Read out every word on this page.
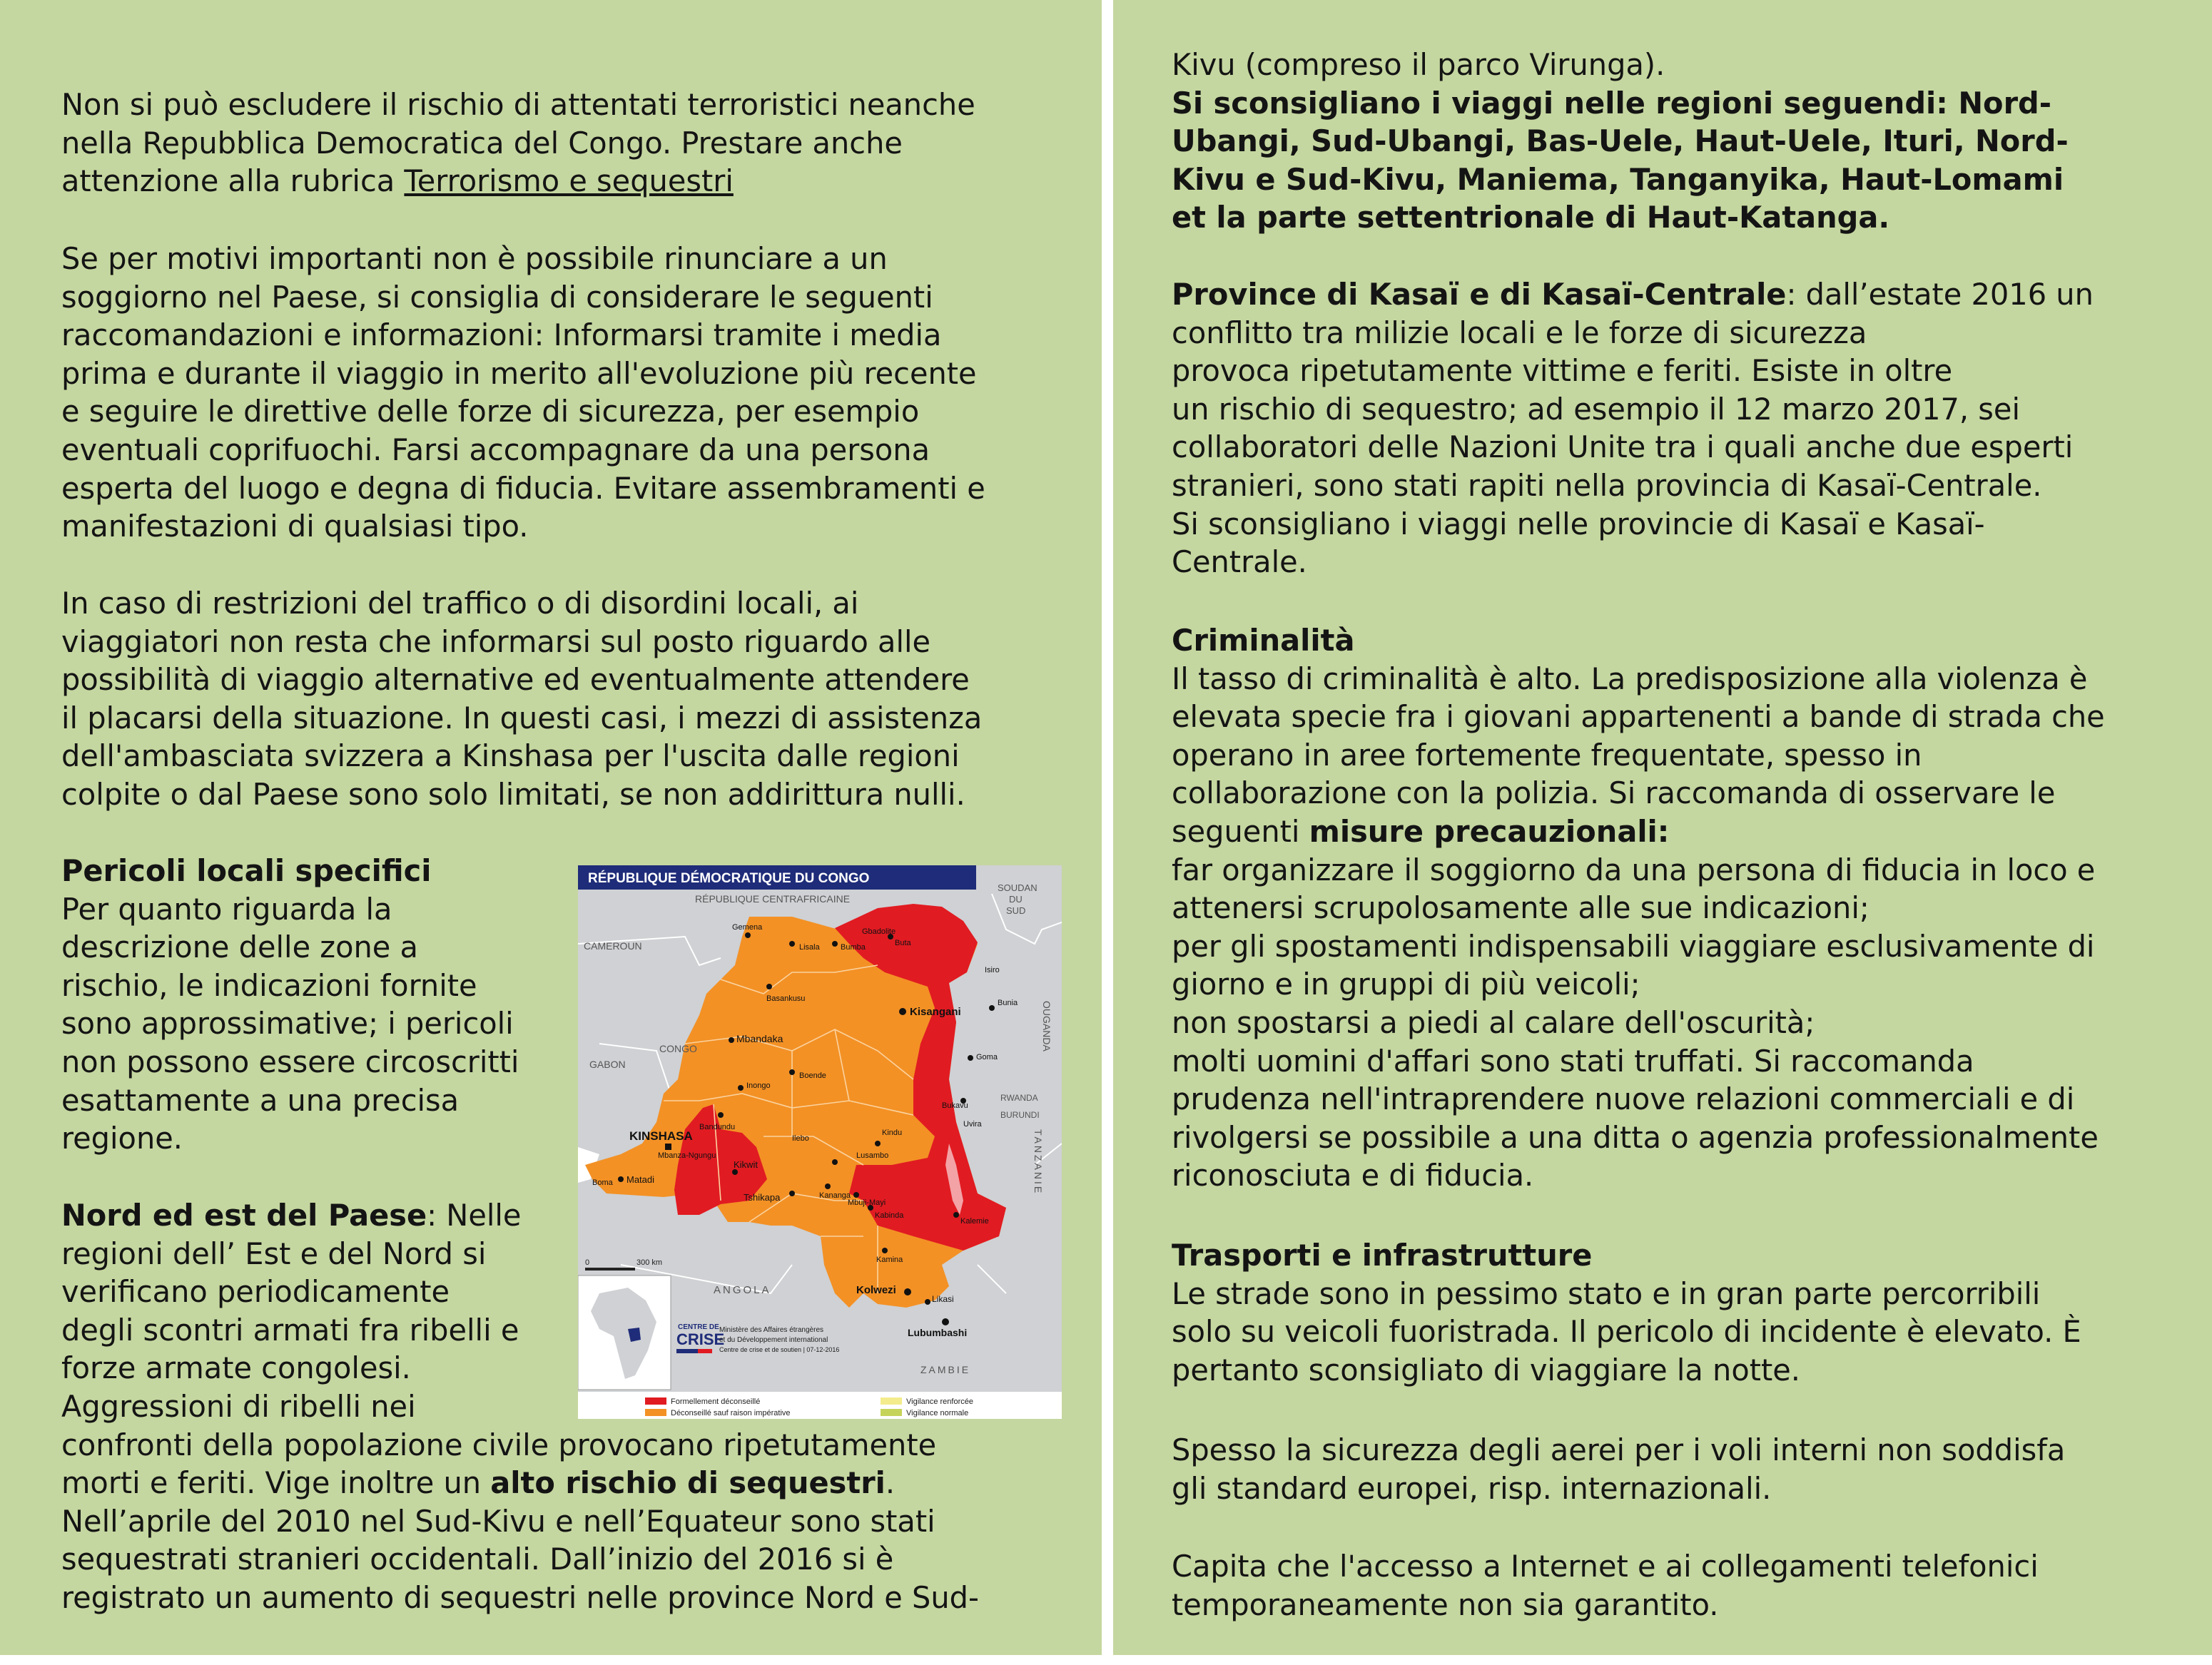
Non si può escludere il rischio di attentati terroristici neanche
nella Repubblica Democratica del Congo. Prestare anche
attenzione alla rubrica Terrorismo e sequestri
Se per motivi importanti non è possibile rinunciare a un
soggiorno nel Paese, si consiglia di considerare le seguenti
raccomandazioni e informazioni: Informarsi tramite i media
prima e durante il viaggio in merito all'evoluzione più recente
e seguire le direttive delle forze di sicurezza, per esempio
eventuali coprifuochi. Farsi accompagnare da una persona
esperta del luogo e degna di fiducia. Evitare assembramenti e
manifestazioni di qualsiasi tipo.
In caso di restrizioni del traffico o di disordini locali, ai
viaggiatori non resta che informarsi sul posto riguardo alle
possibilità di viaggio alternative ed eventualmente attendere
il placarsi della situazione. In questi casi, i mezzi di assistenza
dell'ambasciata svizzera a Kinshasa per l'uscita dalle regioni
colpite o dal Paese sono solo limitati, se non addirittura nulli.
Pericoli locali specifici
Per quanto riguarda la
descrizione delle zone a
rischio, le indicazioni fornite
sono approssimative; i pericoli
non possono essere circoscritti
esattamente a una precisa
regione.
Nord ed est del Paese: Nelle
regioni dell’ Est e del Nord si
verificano periodicamente
degli scontri armati fra ribelli e
forze armate congolesi.
Aggressioni di ribelli nei
confronti della popolazione civile provocano ripetutamente
morti e feriti. Vige inoltre un alto rischio di sequestri.
Nell’aprile del 2010 nel Sud-Kivu e nell’Equateur sono stati
sequestrati stranieri occidentali. Dall’inizio del 2016 si è
registrato un aumento di sequestri nelle province Nord e Sud-
RÉPUBLIQUE DÉMOCRATIQUE DU CONGO
RÉPUBLIQUE CENTRAFRICAINE
CAMEROUN
CONGO
GABON
ANGOLA
ZAMBIE
TANZANIE
OUGANDA
SOUDAN
DU
SUD
RWANDA
BURUNDI
KINSHASA
Kisangani
Mbandaka
Kolwezi
Lubumbashi
Matadi
Boma
Kikwit
Tshikapa	Kananga
Mbuji-Mayi
Kabinda
Kamina
Likasi
Lusambo
Kindu
Bukavu
Goma
Bunia
Buta
Isiro
Gemena
Lisala	Bumba
Boende
Inongo
Bandundu
Basankusu
Ilebo
Kalemie
Uvira
Mbanza-Ngungu
Gbadolite
0	300 km
CENTRE DE
CRISE
Ministère des Affaires étrangères
et du Développement international
Centre de crise et de soutien | 07-12-2016
Formellement déconseillé	Vigilance renforcée
Déconseillé sauf raison impérative	Vigilance normale
Kivu (compreso il parco Virunga).
Si sconsigliano i viaggi nelle regioni seguendi: Nord-
Ubangi, Sud-Ubangi, Bas-Uele, Haut-Uele, Ituri, Nord-
Kivu e Sud-Kivu, Maniema, Tanganyika, Haut-Lomami
et la parte settentrionale di Haut-Katanga.
Province di Kasaï e di Kasaï-Centrale: dall’estate 2016 un
conflitto tra milizie locali e le forze di sicurezza
provoca ripetutamente vittime e feriti. Esiste in oltre
un rischio di sequestro; ad esempio il 12 marzo 2017, sei
collaboratori delle Nazioni Unite tra i quali anche due esperti
stranieri, sono stati rapiti nella provincia di Kasaï-Centrale.
Si sconsigliano i viaggi nelle provincie di Kasaï e Kasaï-
Centrale.
Criminalità
Il tasso di criminalità è alto. La predisposizione alla violenza è
elevata specie fra i giovani appartenenti a bande di strada che
operano in aree fortemente frequentate, spesso in
collaborazione con la polizia. Si raccomanda di osservare le
seguenti misure precauzionali:
far organizzare il soggiorno da una persona di fiducia in loco e
attenersi scrupolosamente alle sue indicazioni;
per gli spostamenti indispensabili viaggiare esclusivamente di
giorno e in gruppi di più veicoli;
non spostarsi a piedi al calare dell'oscurità;
molti uomini d'affari sono stati truffati. Si raccomanda
prudenza nell'intraprendere nuove relazioni commerciali e di
rivolgersi se possibile a una ditta o agenzia professionalmente
riconosciuta e di fiducia.
Trasporti e infrastrutture
Le strade sono in pessimo stato e in gran parte percorribili
solo su veicoli fuoristrada. Il pericolo di incidente è elevato. È
pertanto sconsigliato di viaggiare la notte.
Spesso la sicurezza degli aerei per i voli interni non soddisfa
gli standard europei, risp. internazionali.
Capita che l'accesso a Internet e ai collegamenti telefonici
temporaneamente non sia garantito.
